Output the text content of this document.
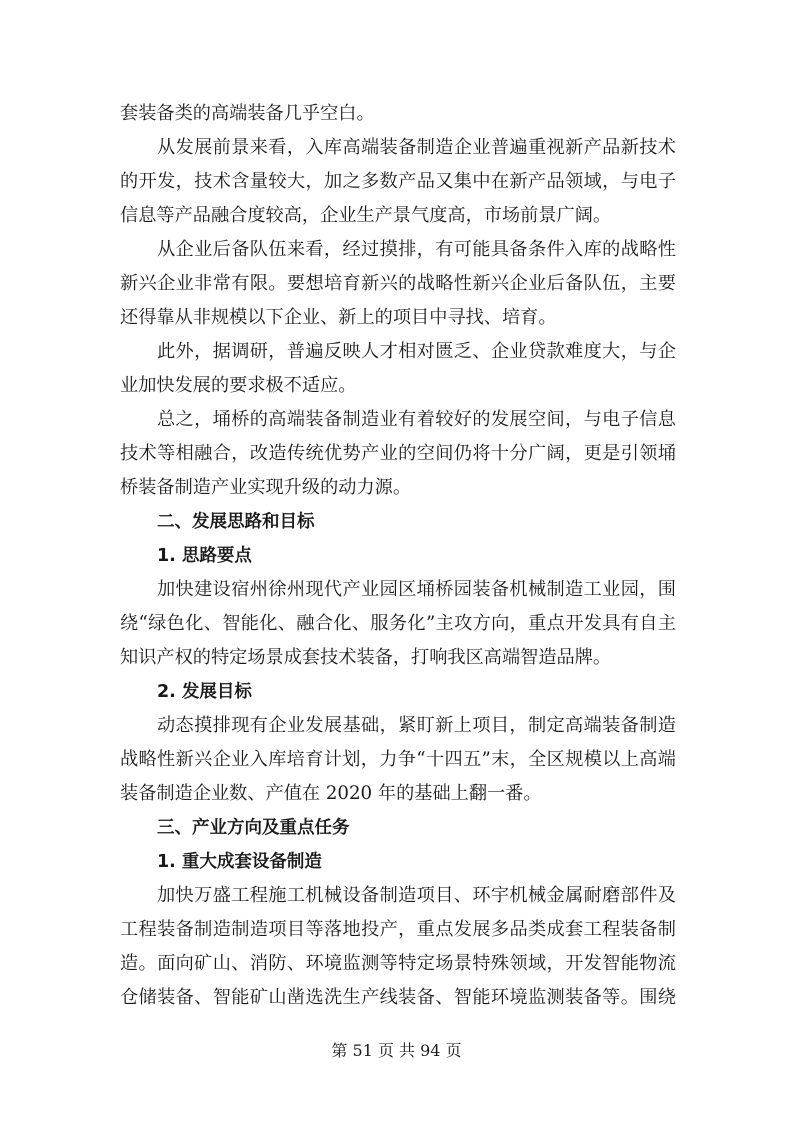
套装备类的高端装备几乎空白。
从发展前景来看，入库高端装备制造企业普遍重视新产品新技术
的开发，技术含量较大，加之多数产品又集中在新产品领域，与电子
信息等产品融合度较高，企业生产景气度高，市场前景广阔。
从企业后备队伍来看，经过摸排，有可能具备条件入库的战略性
新兴企业非常有限。要想培育新兴的战略性新兴企业后备队伍，主要
还得靠从非规模以下企业、新上的项目中寻找、培育。
此外，据调研，普遍反映人才相对匮乏、企业贷款难度大，与企
业加快发展的要求极不适应。
总之，埇桥的高端装备制造业有着较好的发展空间，与电子信息
技术等相融合，改造传统优势产业的空间仍将十分广阔，更是引领埇
桥装备制造产业实现升级的动力源。
二、发展思路和目标
1. 思路要点
加快建设宿州徐州现代产业园区埇桥园装备机械制造工业园，围
绕“绿色化、智能化、融合化、服务化”主攻方向，重点开发具有自主
知识产权的特定场景成套技术装备，打响我区高端智造品牌。
2. 发展目标
动态摸排现有企业发展基础，紧盯新上项目，制定高端装备制造
战略性新兴企业入库培育计划，力争“十四五”末，全区规模以上高端
装备制造企业数、产值在 2020 年的基础上翻一番。
三、产业方向及重点任务
1. 重大成套设备制造
加快万盛工程施工机械设备制造项目、环宇机械金属耐磨部件及
工程装备制造制造项目等落地投产，重点发展多品类成套工程装备制
造。面向矿山、消防、环境监测等特定场景特殊领域，开发智能物流
仓储装备、智能矿山凿选洗生产线装备、智能环境监测装备等。围绕
第 51 页 共 94 页
